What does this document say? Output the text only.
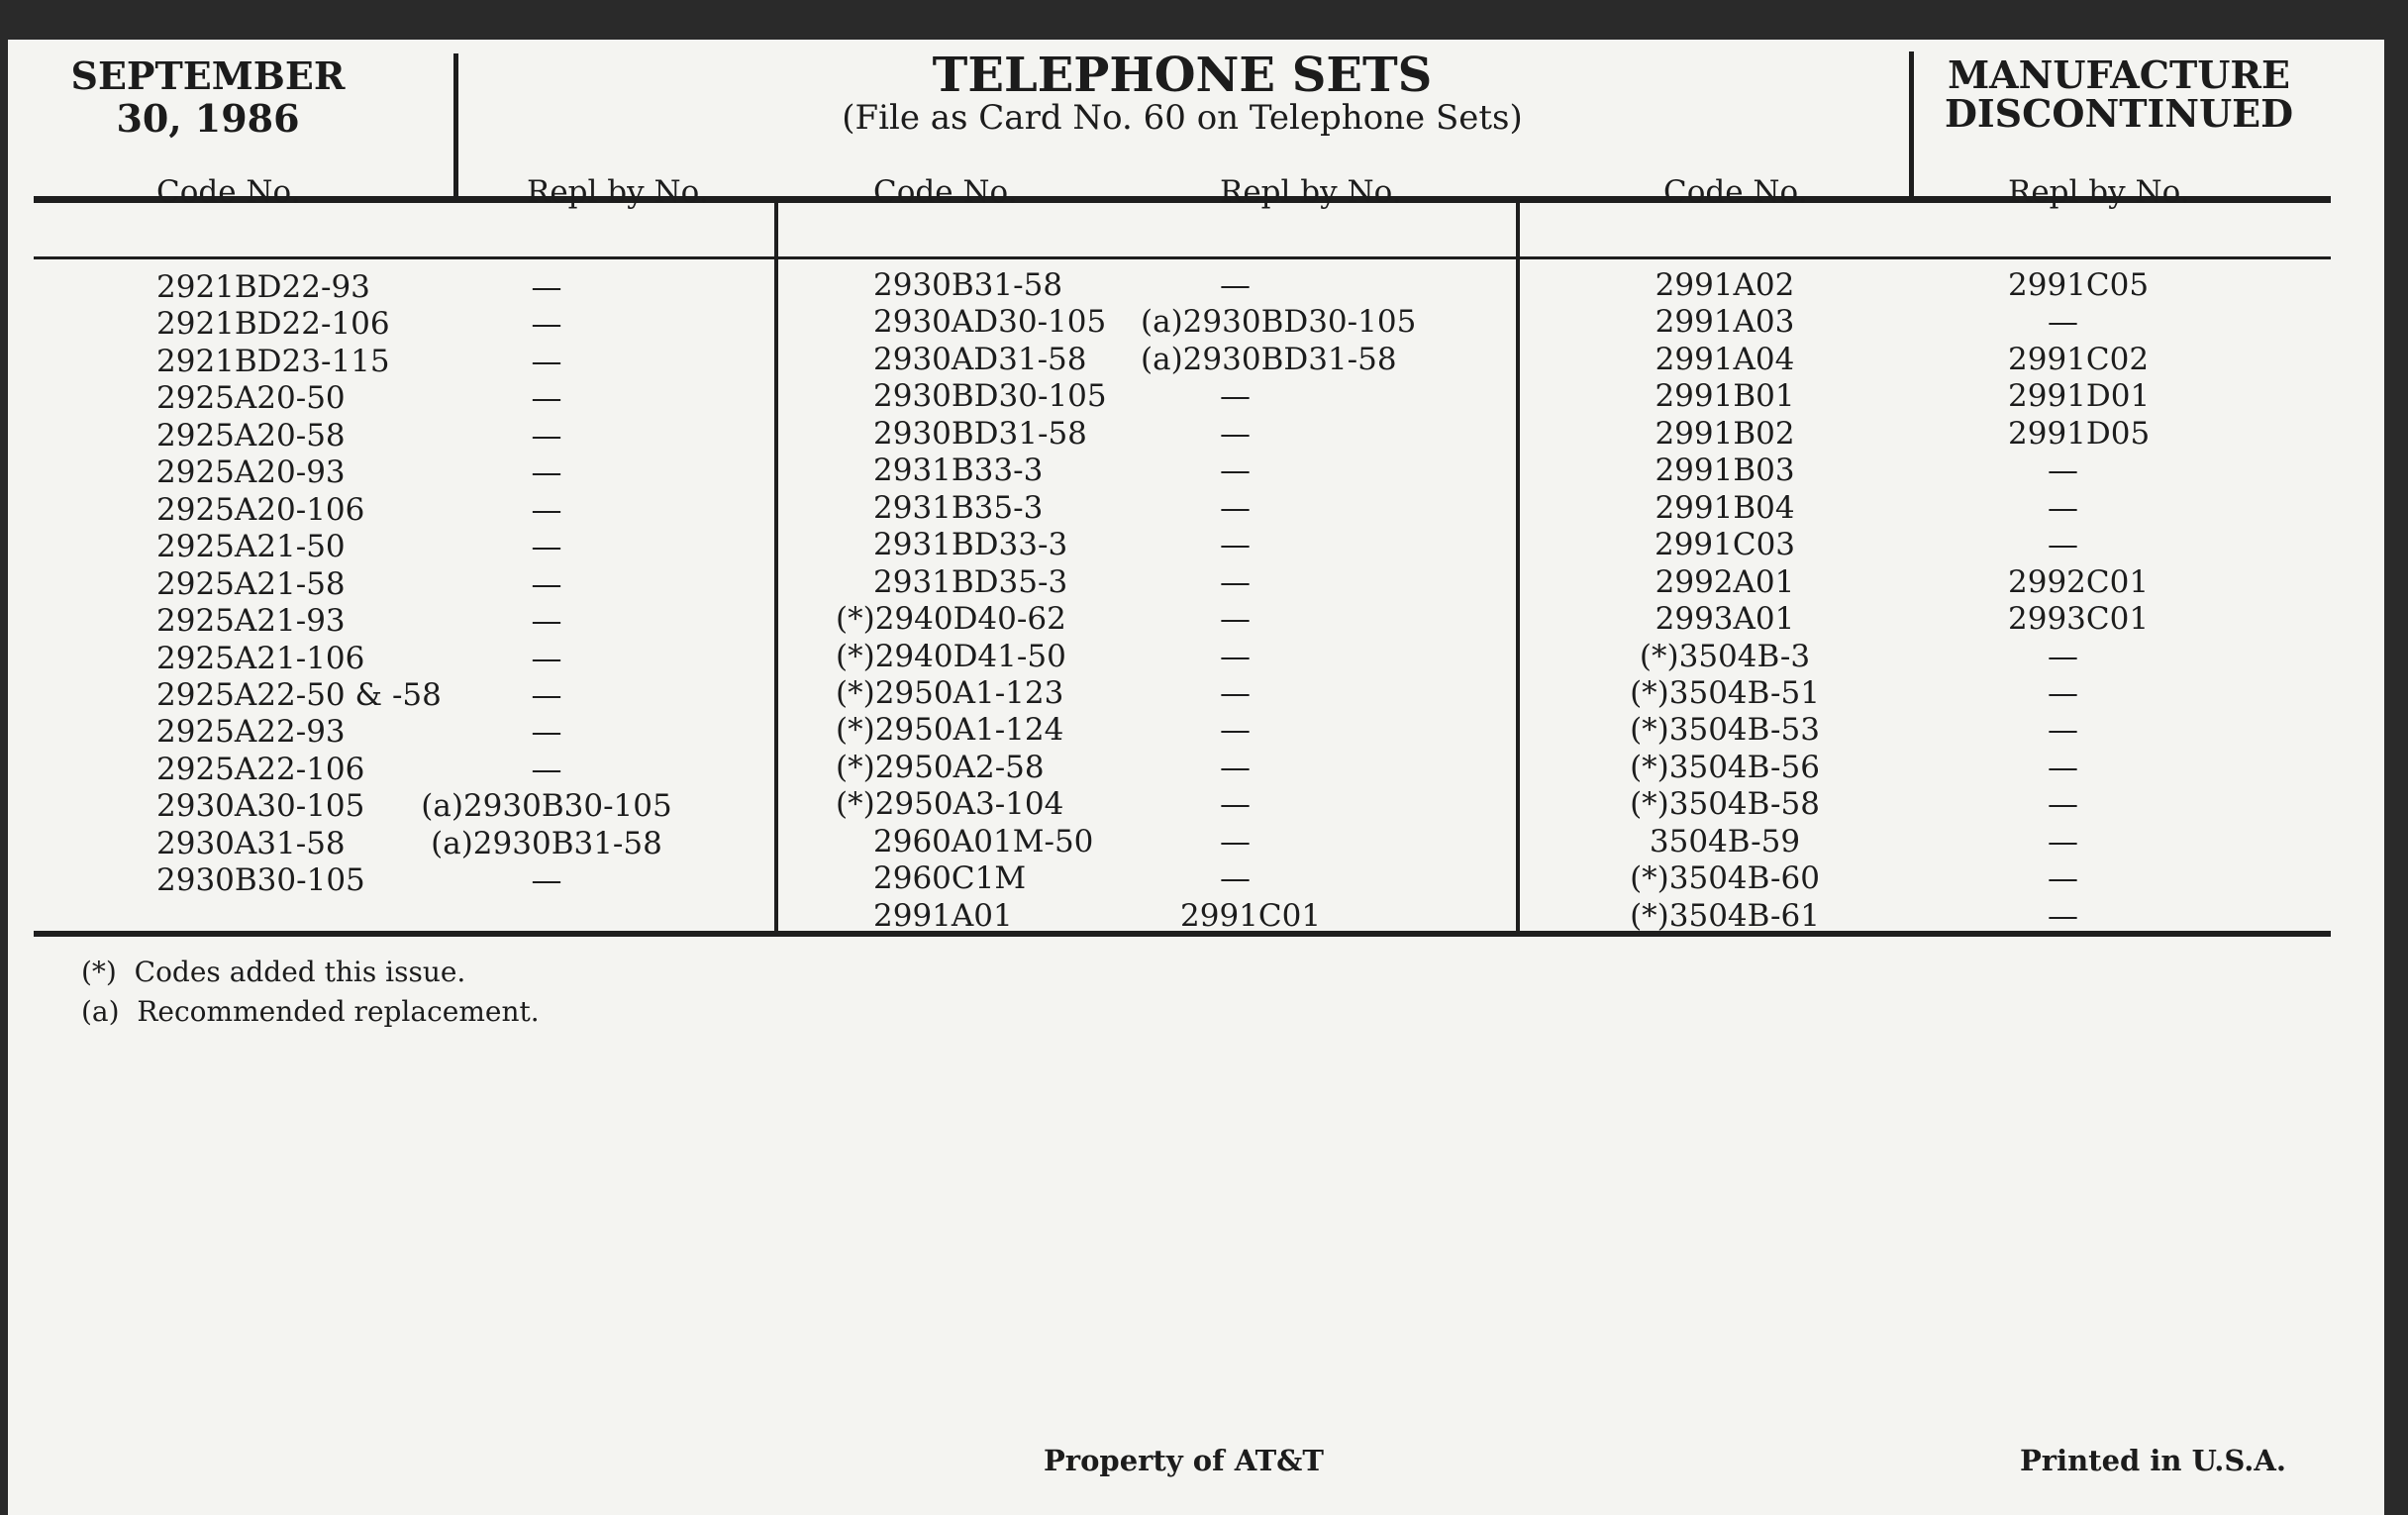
SEPTEMBER 30, 1986
TELEPHONE SETS
(File as Card No. 60 on Telephone Sets)
MANUFACTURE DISCONTINUED
Code No.	Repl by No.	Code No.	Repl by No.	Code No.	Repl by No.
2921BD22-93	—
2921BD22-106	—
2921BD23-115	—
2925A20-50	—
2925A20-58	—
2925A20-93	—
2925A20-106	—
2925A21-50	—
2925A21-58	—
2925A21-93	—
2925A21-106	—
2925A22-50 & -58	—
2925A22-93	—
2925A22-106	—
2930A30-105	(a)2930B30-105
2930A31-58	(a)2930B31-58
2930B30-105	—
2930B31-58	—
2930AD30-105 (a)2930BD30-105
2930AD31-58 (a)2930BD31-58
2930BD30-105	—
2930BD31-58	—
2931B33-3	—
2931B35-3	—
2931BD33-3	—
2931BD35-3	—
(*)2940D40-62	—
(*)2940D41-50	—
(*)2950A1-123	—
(*)2950A1-124	—
(*)2950A2-58	—
(*)2950A3-104	—
2960A01M-50	—
2960C1M	—
2991A01	2991C01
2991A02	2991C05
2991A03	—
2991A04	2991C02
2991B01	2991D01
2991B02	2991D05
2991B03	—
2991B04	—
2991C03	—
2992A01	2992C01
2993A01	2993C01
(*)3504B-3	—
(*)3504B-51	—
(*)3504B-53	—
(*)3504B-56	—
(*)3504B-58	—
3504B-59	—
(*)3504B-60	—
(*)3504B-61	—
(*)  Codes added this issue.
(a)  Recommended replacement.
Property of AT&T	Printed in U.S.A.
